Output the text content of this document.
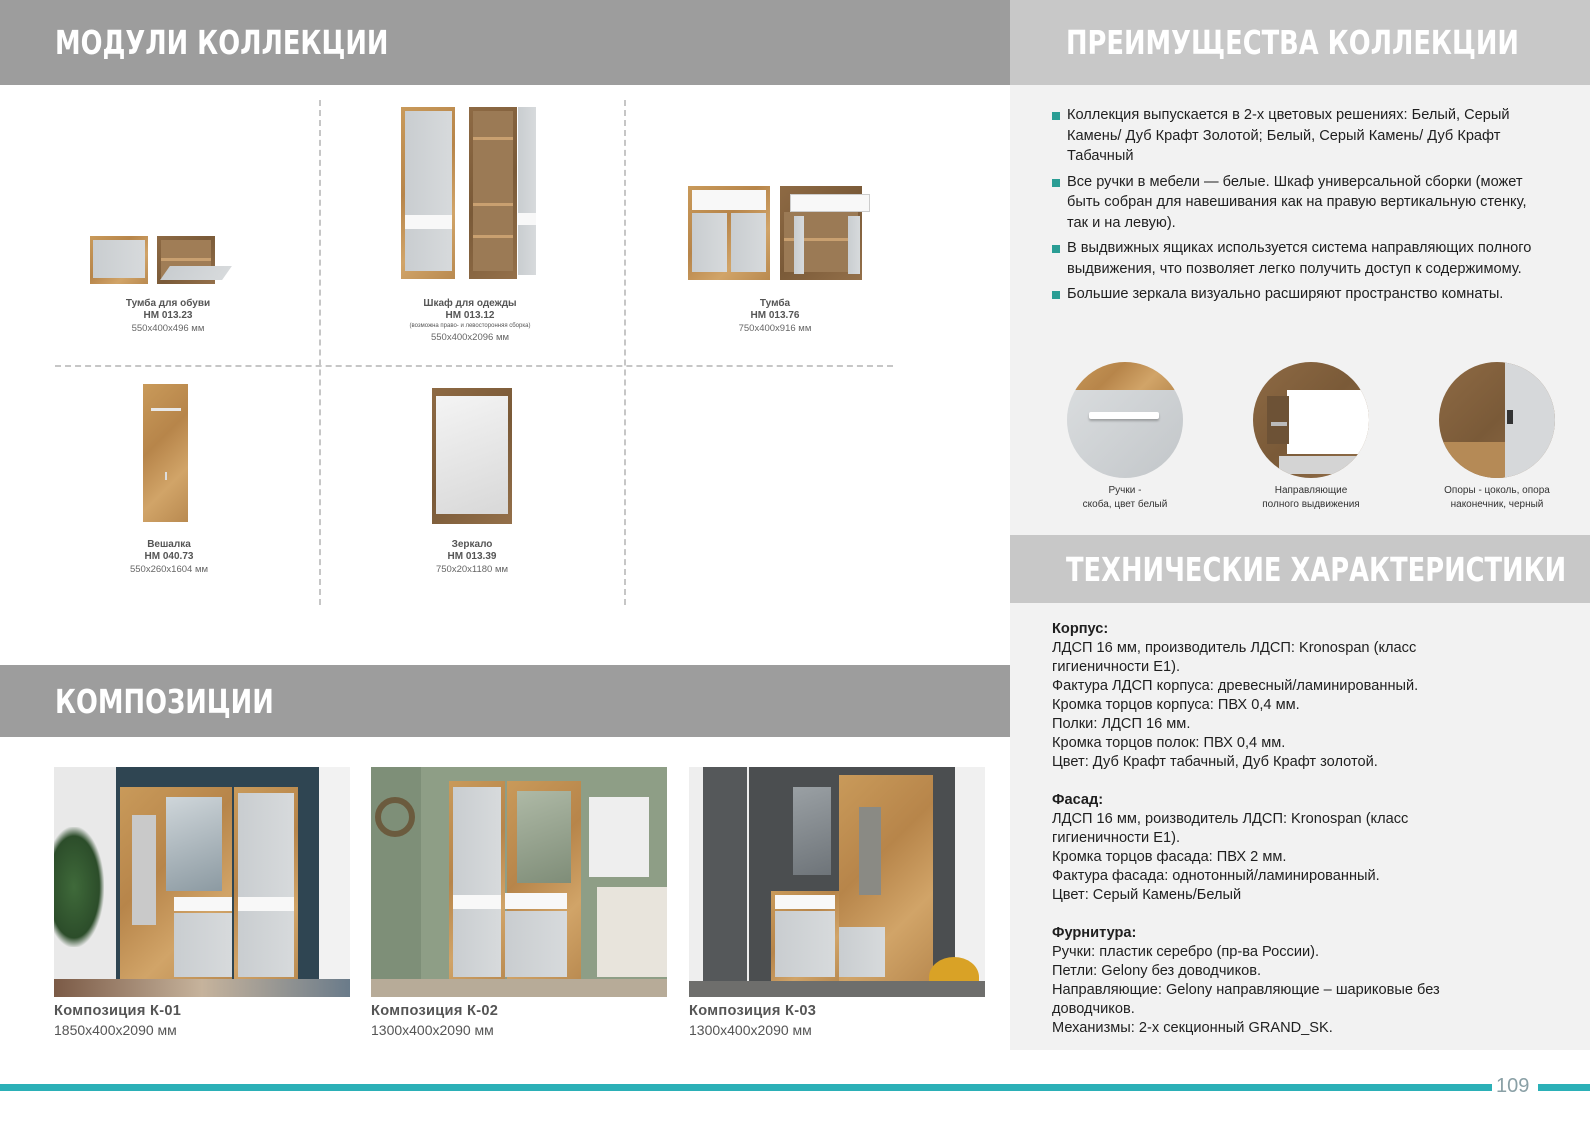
МОДУЛИ КОЛЛЕКЦИИ	ПРЕИМУЩЕСТВА КОЛЛЕКЦИИ
ТЕХНИЧЕСКИЕ ХАРАКТЕРИСТИКИ
КОМПОЗИЦИИ
Тумба для обуви
НМ 013.23
550x400x496 мм
Шкаф для одежды
НМ 013.12
(возможна право- и левосторонняя сборка)
550x400x2096 мм
Тумба
НМ 013.76
750x400x916 мм
Вешалка
НМ 040.73
550x260x1604 мм
Зеркало
НМ 013.39
750x20x1180 мм
Коллекция выпускается в 2-х цветовых решениях: Белый, Серый Камень/ Дуб Крафт Золотой; Белый, Серый Камень/ Дуб Крафт Табачный
Все ручки в мебели — белые. Шкаф универсальной сборки (может быть собран для навешивания как на правую вертикальную стенку, так и на левую).
В выдвижных ящиках используется система направляющих полного выдвижения, что позволяет легко получить доступ к содержимому.
Большие зеркала визуально расширяют пространство комнаты.
Ручки -
скоба, цвет белый
Направляющие
полного выдвижения
Опоры - цоколь, опора
наконечник, черный
Корпус:
ЛДСП 16 мм, производитель ЛДСП: Kronospan (класс
гигиеничности Е1).
Фактура ЛДСП корпуса: древесный/ламинированный.
Кромка торцов корпуса: ПВХ 0,4 мм.
Полки: ЛДСП 16 мм.
Кромка торцов полок: ПВХ 0,4 мм.
Цвет: Дуб Крафт табачный, Дуб Крафт золотой.
Фасад:
ЛДСП 16 мм, роизводитель ЛДСП: Kronospan (класс
гигиеничности Е1).
Кромка торцов фасада: ПВХ 2 мм.
Фактура фасада: однотонный/ламинированный.
Цвет: Серый Камень/Белый
Фурнитура:
Ручки: пластик серебро (пр-ва России).
Петли: Gelony без доводчиков.
Направляющие: Gelony направляющие – шариковые без
доводчиков.
Механизмы: 2-х секционный GRAND_SK.
Композиция К-01
1850x400x2090 мм
Композиция К-02
1300x400x2090 мм
Композиция К-03
1300x400x2090 мм
109
